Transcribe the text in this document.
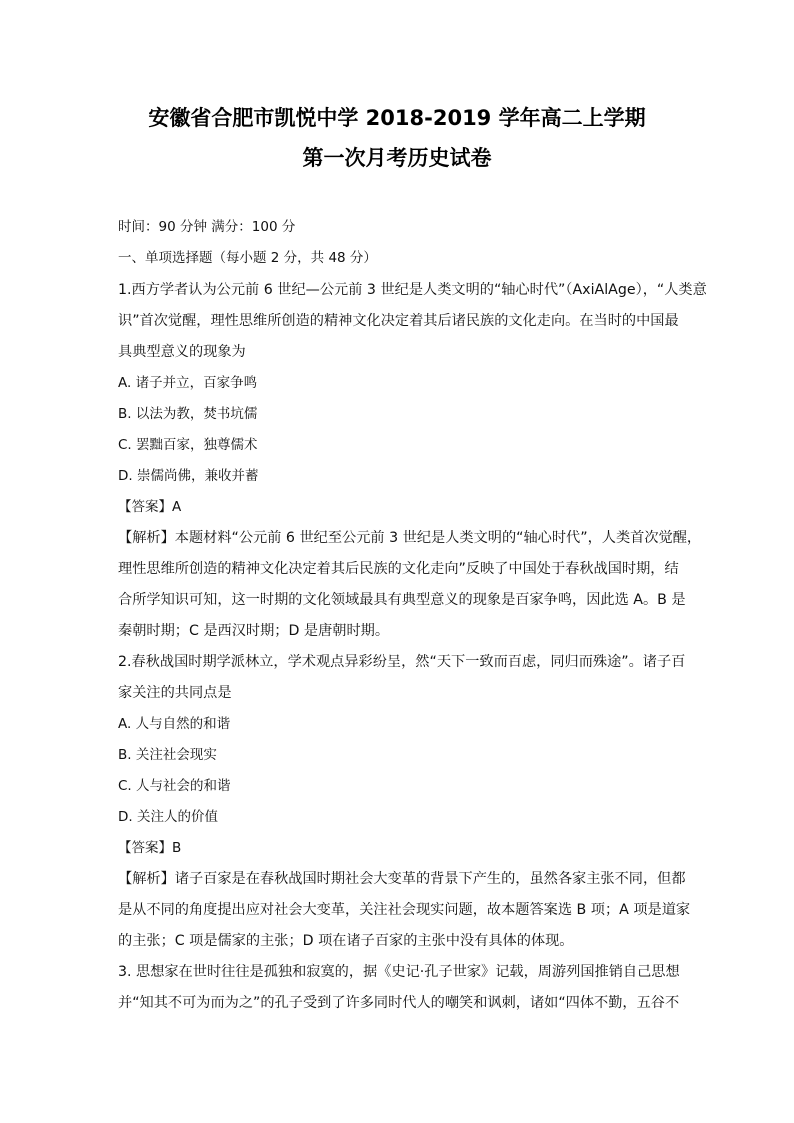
安徽省合肥市凯悦中学 2018-2019 学年高二上学期
第一次月考历史试卷
时间：90 分钟 满分：100 分
一、单项选择题（每小题 2 分，共 48 分）
1.西方学者认为公元前 6 世纪—公元前 3 世纪是人类文明的“轴心时代”（AxiAlAge），“人类意
识”首次觉醒，理性思维所创造的精神文化决定着其后诸民族的文化走向。在当时的中国最
具典型意义的现象为
A. 诸子并立，百家争鸣
B. 以法为教，焚书坑儒
C. 罢黜百家，独尊儒术
D. 崇儒尚佛，兼收并蓄
【答案】A
【解析】本题材料“公元前 6 世纪至公元前 3 世纪是人类文明的“轴心时代”，人类首次觉醒，
理性思维所创造的精神文化决定着其后民族的文化走向”反映了中国处于春秋战国时期，结
合所学知识可知，这一时期的文化领域最具有典型意义的现象是百家争鸣，因此选 A。B 是
秦朝时期；C 是西汉时期；D 是唐朝时期。
2.春秋战国时期学派林立，学术观点异彩纷呈，然“天下一致而百虑，同归而殊途”。诸子百
家关注的共同点是
A. 人与自然的和谐
B. 关注社会现实
C. 人与社会的和谐
D. 关注人的价值
【答案】B
【解析】诸子百家是在春秋战国时期社会大变革的背景下产生的，虽然各家主张不同，但都
是从不同的角度提出应对社会大变革，关注社会现实问题，故本题答案选 B 项；A 项是道家
的主张；C 项是儒家的主张；D 项在诸子百家的主张中没有具体的体现。
3. 思想家在世时往往是孤独和寂寞的，据《史记·孔子世家》记载，周游列国推销自己思想
并“知其不可为而为之”的孔子受到了许多同时代人的嘲笑和讽刺，诸如“四体不勤，五谷不
